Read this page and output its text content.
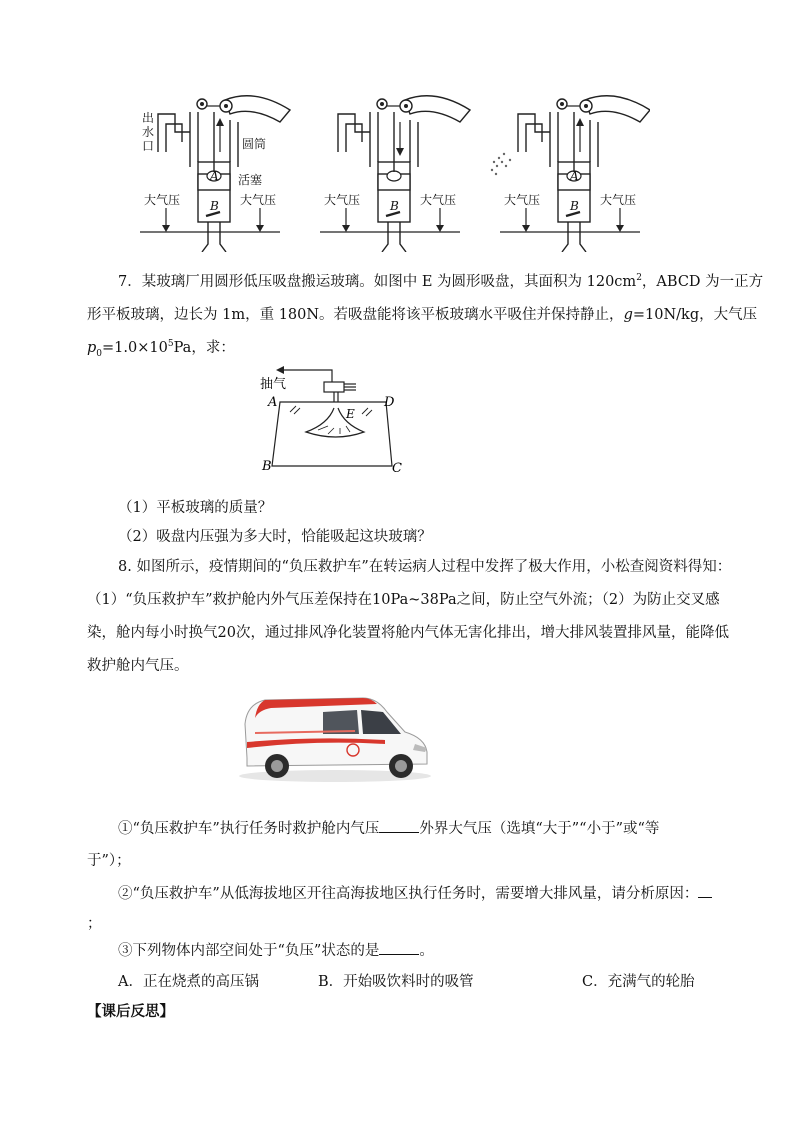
出
水
口	圆筒
活塞
大气压	大气压
A
B	大气压	大气压
B	大气压	大气压
A
B
7．某玻璃厂用圆形低压吸盘搬运玻璃。如图中 E 为圆形吸盘，其面积为 $120cm^2$，ABCD 为一正方
形平板玻璃，边长为 1m，重 180N。若吸盘能将该平板玻璃水平吸住并保持静止，g=10N/kg，大气压
$p_0=1.0\times 10^5Pa$，求：
抽气
A	D
B	C
E
（1）平板玻璃的质量？
（2）吸盘内压强为多大时，恰能吸起这块玻璃？
8. 如图所示，疫情期间的“负压救护车”在转运病人过程中发挥了极大作用，小松查阅资料得知：
（1）“负压救护车”救护舱内外气压差保持在10Pa~38Pa之间，防止空气外流；（2）为防止交叉感
染，舱内每小时换气20次，通过排风净化装置将舱内气体无害化排出，增大排风装置排风量，能降低
救护舱内气压。
①“负压救护车”执行任务时救护舱内气压	外界大气压（选填“大于”“小于”或“等
于”）；
②“负压救护车”从低海拔地区开往高海拔地区执行任务时，需要增大排风量，请分析原因：
；
③下列物体内部空间处于“负压”状态的是	。
A．正在烧煮的高压锅	B．开始吸饮料时的吸管	C．充满气的轮胎
【课后反思】
